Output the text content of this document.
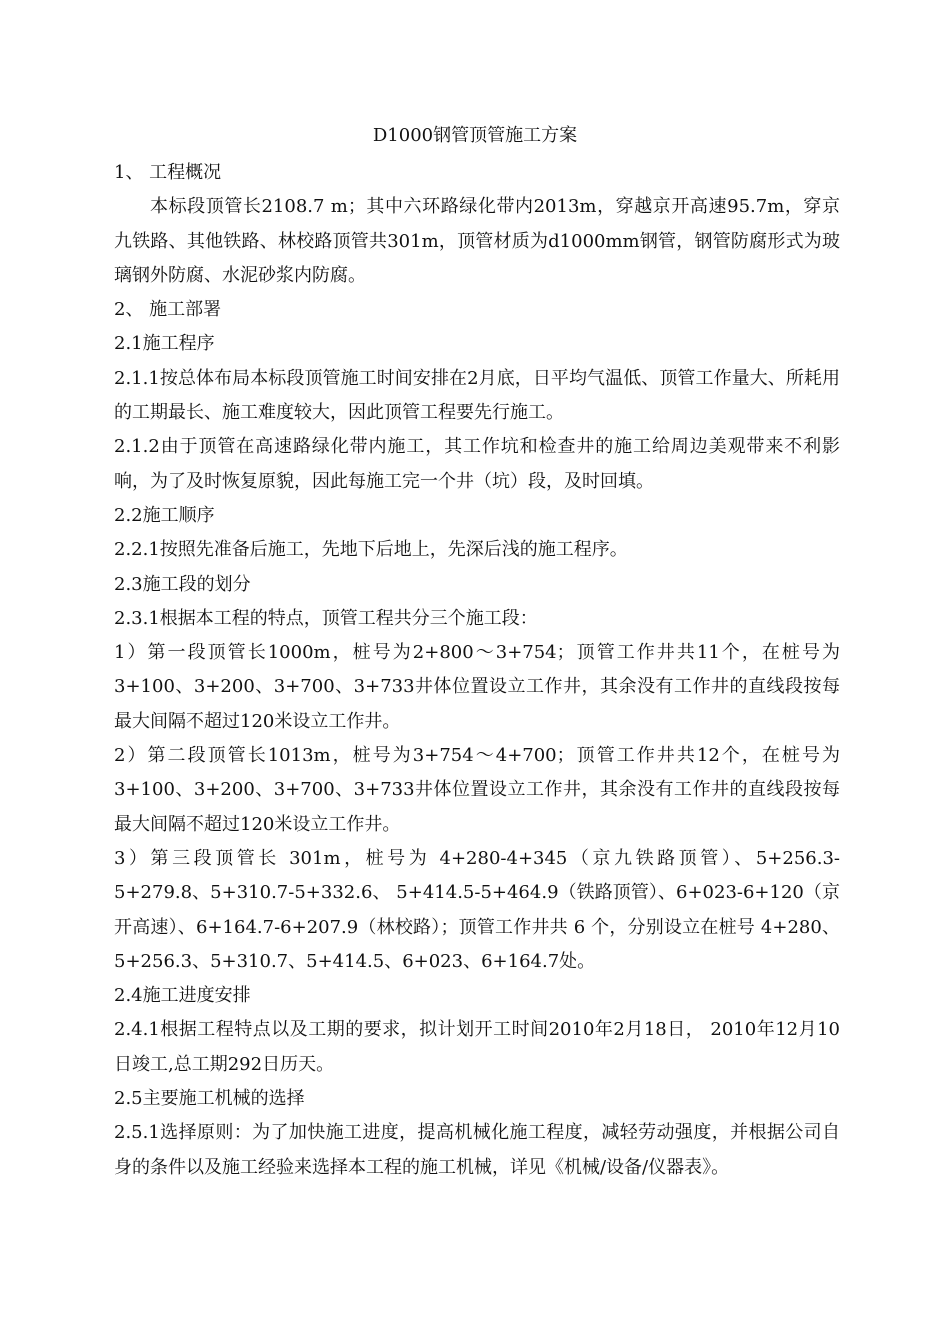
D1000钢管顶管施工方案

1、 工程概况

本标段顶管长2108.7 m；其中六环路绿化带内2013m，穿越京开高速95.7m，穿京九铁路、其他铁路、林校路顶管共301m，顶管材质为d1000mm钢管，钢管防腐形式为玻璃钢外防腐、水泥砂浆内防腐。

2、 施工部署

2.1施工程序

2.1.1按总体布局本标段顶管施工时间安排在2月底，日平均气温低、顶管工作量大、所耗用的工期最长、施工难度较大，因此顶管工程要先行施工。

2.1.2由于顶管在高速路绿化带内施工，其工作坑和检查井的施工给周边美观带来不利影响，为了及时恢复原貌，因此每施工完一个井（坑）段，及时回填。

2.2施工顺序

2.2.1按照先准备后施工，先地下后地上，先深后浅的施工程序。

2.3施工段的划分

2.3.1根据本工程的特点，顶管工程共分三个施工段：

1）第一段顶管长1000m，桩号为2+800～3+754；顶管工作井共11个，在桩号为3+100、3+200、3+700、3+733井体位置设立工作井，其余没有工作井的直线段按每最大间隔不超过120米设立工作井。

2）第二段顶管长1013m，桩号为3+754～4+700；顶管工作井共12个，在桩号为3+100、3+200、3+700、3+733井体位置设立工作井，其余没有工作井的直线段按每最大间隔不超过120米设立工作井。

3）第三段顶管长 301m，桩号为 4+280-4+345（京九铁路顶管）、5+256.3-5+279.8、5+310.7-5+332.6、 5+414.5-5+464.9（铁路顶管）、6+023-6+120（京开高速）、6+164.7-6+207.9（林校路）；顶管工作井共 6 个，分别设立在桩号 4+280、5+256.3、5+310.7、5+414.5、6+023、6+164.7处。

2.4施工进度安排

2.4.1根据工程特点以及工期的要求，拟计划开工时间2010年2月18日， 2010年12月10日竣工,总工期292日历天。

2.5主要施工机械的选择

2.5.1选择原则：为了加快施工进度，提高机械化施工程度，减轻劳动强度，并根据公司自身的条件以及施工经验来选择本工程的施工机械，详见《机械/设备/仪器表》。
